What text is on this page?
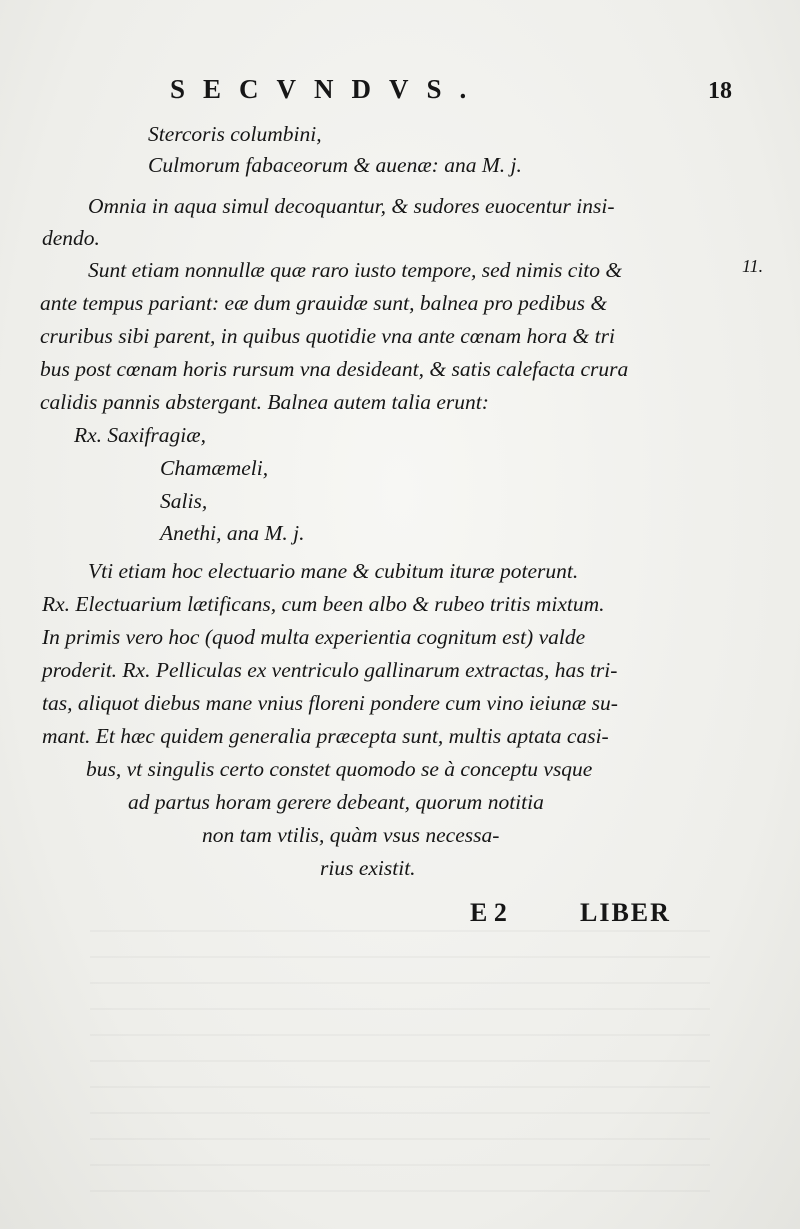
SECVNDVS.	18
11.
Stercoris columbini,
Culmorum fabaceorum & auenæ: ana M. j.
Omnia in aqua simul decoquantur, & sudores euocentur insi-
dendo.
Sunt etiam nonnullæ quæ raro iusto tempore, sed nimis cito &
ante tempus pariant: eæ dum grauidæ sunt, balnea pro pedibus &
cruribus sibi parent, in quibus quotidie vna ante cœnam hora & tri
bus post cœnam horis rursum vna desideant, & satis calefacta crura
calidis pannis abstergant. Balnea autem talia erunt:
Rx. Saxifragiæ,
Chamæmeli,
Salis,
Anethi, ana M. j.
Vti etiam hoc electuario mane & cubitum ituræ poterunt.
Rx. Electuarium lætificans, cum been albo & rubeo tritis mixtum.
In primis vero hoc (quod multa experientia cognitum est) valde
proderit. Rx. Pelliculas ex ventriculo gallinarum extractas, has tri-
tas, aliquot diebus mane vnius floreni pondere cum vino ieiunæ su-
mant. Et hæc quidem generalia præcepta sunt, multis aptata casi-
bus, vt singulis certo constet quomodo se à conceptu vsque
ad partus horam gerere debeant, quorum notitia
non tam vtilis, quàm vsus necessa-
rius existit.
E 2	LIBER
